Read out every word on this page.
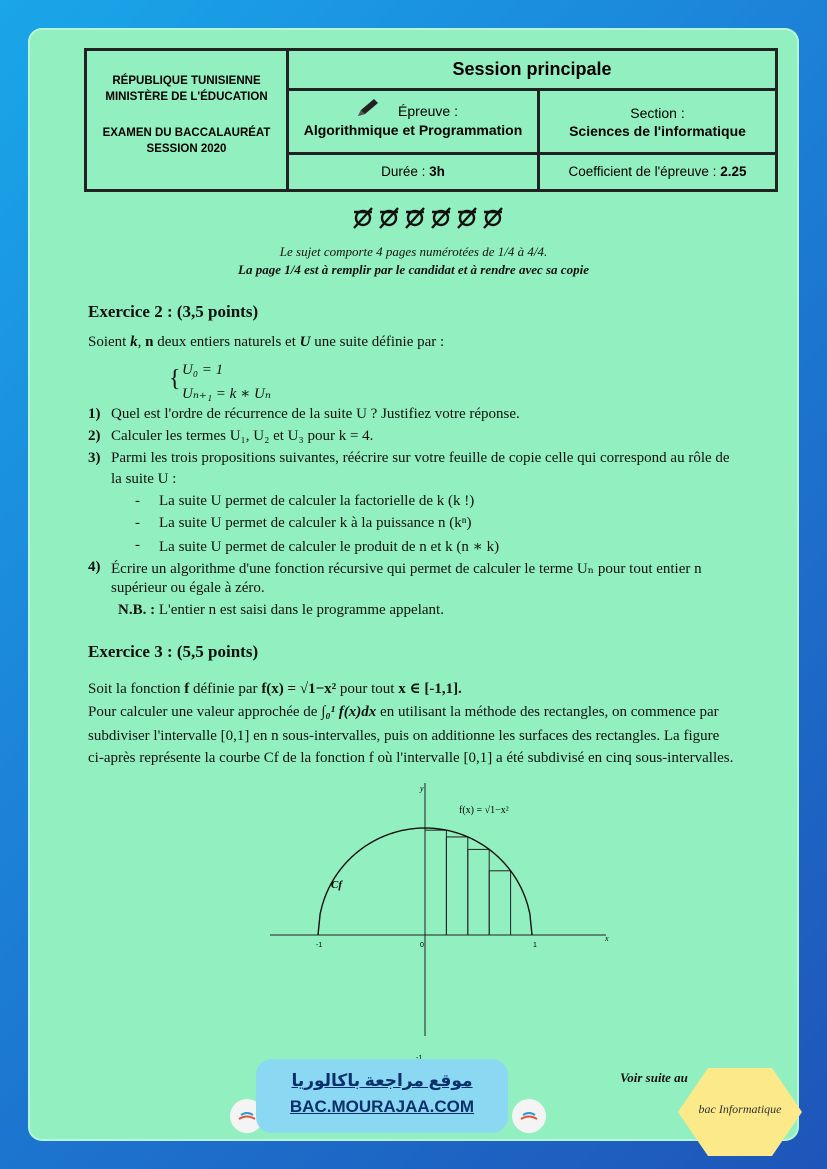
RÉPUBLIQUE TUNISIENNE
MINISTÈRE DE L'ÉDUCATION
EXAMEN DU BACCALAURÉAT
SESSION 2020
Session principale
Épreuve :
Algorithmique et Programmation
Section :
Sciences de l'informatique
Durée : 3h	Coefficient de l'épreuve : 2.25
Le sujet comporte 4 pages numérotées de 1/4 à 4/4.
La page 1/4 est à remplir par le candidat et à rendre avec sa copie
Exercice 2 : (3,5 points)
Soient k, n deux entiers naturels et U une suite définie par :
{ U₀ = 1
Uₙ₊₁ = k ∗ Uₙ
1) Quel est l'ordre de récurrence de la suite U ? Justifiez votre réponse.
2) Calculer les termes U₁, U₂ et U₃ pour k = 4.
3) Parmi les trois propositions suivantes, réécrire sur votre feuille de copie celle qui correspond au rôle de
la suite U :
- La suite U permet de calculer la factorielle de k (k !)
- La suite U permet de calculer k à la puissance n (kⁿ)
- La suite U permet de calculer le produit de n et k (n ∗ k)
4) Écrire un algorithme d'une fonction récursive qui permet de calculer le terme Uₙ pour tout entier n
supérieur ou égale à zéro.
N.B. : L'entier n est saisi dans le programme appelant.
Exercice 3 : (5,5 points)
Soit la fonction f définie par f(x) = √1−x² pour tout x ∈ [-1,1].
Pour calculer une valeur approchée de ∫₀¹ f(x)dx en utilisant la méthode des rectangles, on commence par
subdiviser l'intervalle [0,1] en n sous-intervalles, puis on additionne les surfaces des rectangles. La figure
ci-après représente la courbe Cf de la fonction f où l'intervalle [0,1] a été subdivisé en cinq sous-intervalles.
y
x
f(x) = √1−x²
Cf
-1	0	1
Voir suite au
موقع مراجعة باكالوريا
BAC.MOURAJAA.COM	bac Informatique
